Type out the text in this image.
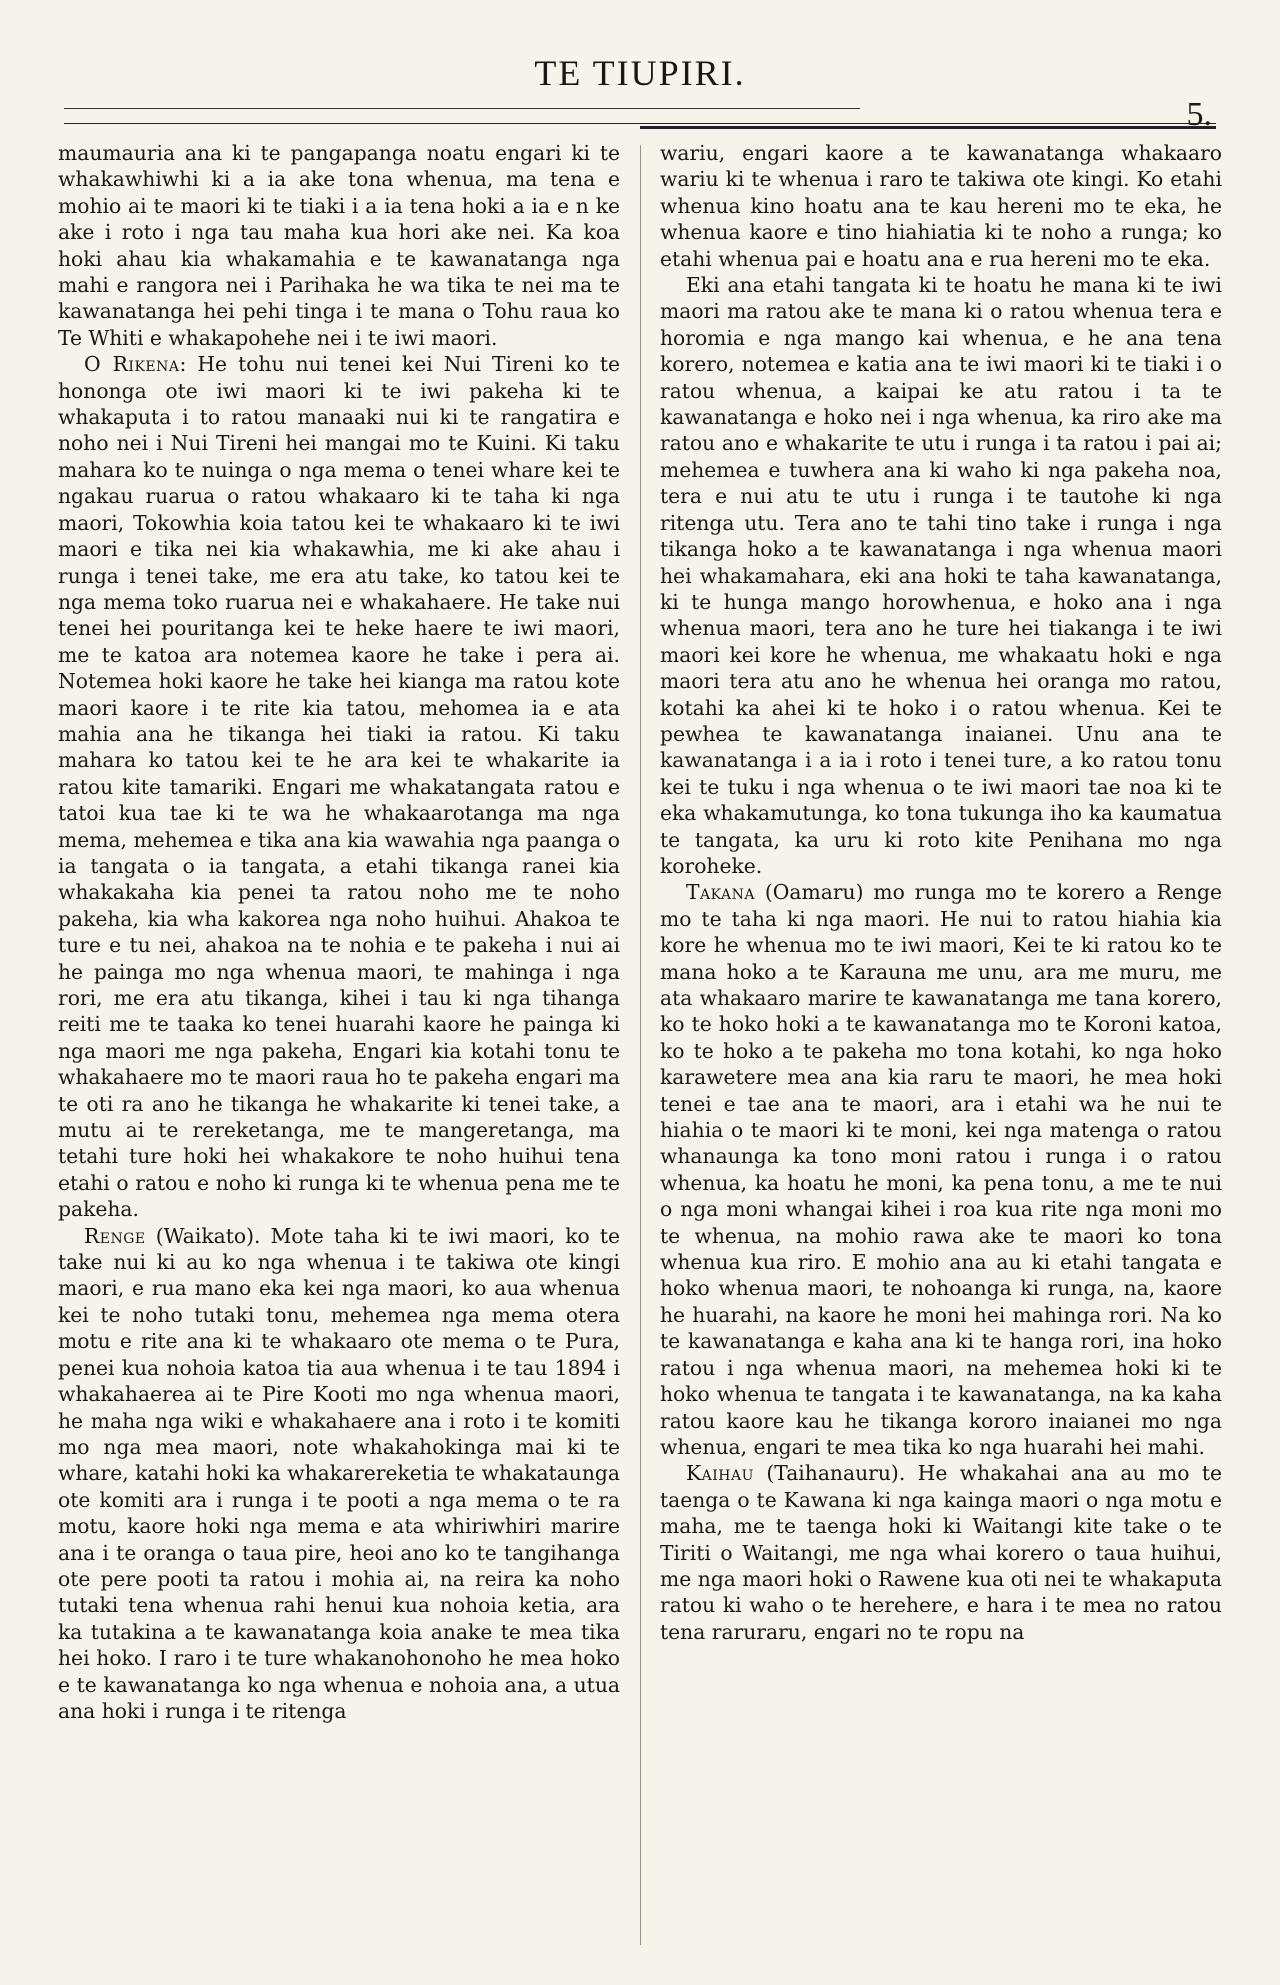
TE TIUPIRI.
5.

maumauria ana ki te pangapanga noatu engari ki te whakawhiwhi ki a ia ake tona whenua, ma tena e mohio ai te maori ki te tiaki i a ia tena hoki a ia e n ke ake i roto i nga tau maha kua hori ake nei. Ka koa hoki ahau kia whakamahia e te kawanatanga nga mahi e rangora nei i Parihaka he wa tika te nei ma te kawanatanga hei pehi tinga i te mana o Tohu raua ko Te Whiti e whakapohehe nei i te iwi maori.

O Rikena: He tohu nui tenei kei Nui Tireni ko te hononga ote iwi maori ki te iwi pakeha ki te whakaputa i to ratou manaaki nui ki te rangatira e noho nei i Nui Tireni hei mangai mo te Kuini. Ki taku mahara ko te nuinga o nga mema o tenei whare kei te ngakau ruarua o ratou whakaaro ki te taha ki nga maori, Tokowhia koia tatou kei te whakaaro ki te iwi maori e tika nei kia whakawhia, me ki ake ahau i runga i tenei take, me era atu take, ko tatou kei te nga mema toko ruarua nei e whakahaere. He take nui tenei hei pouritanga kei te heke haere te iwi maori, me te katoa ara notemea kaore he take i pera ai. Notemea hoki kaore he take hei kianga ma ratou kote maori kaore i te rite kia tatou, mehomea ia e ata mahia ana he tikanga hei tiaki ia ratou. Ki taku mahara ko tatou kei te he ara kei te whakarite ia ratou kite tamariki. Engari me whakatangata ratou e tatoi kua tae ki te wa he whakaarotanga ma nga mema, mehemea e tika ana kia wawahia nga paanga o ia tangata o ia tangata, a etahi tikanga ranei kia whakakaha kia penei ta ratou noho me te noho pakeha, kia wha kakorea nga noho huihui. Ahakoa te ture e tu nei, ahakoa na te nohia e te pakeha i nui ai he painga mo nga whenua maori, te mahinga i nga rori, me era atu tikanga, kihei i tau ki nga tihanga reiti me te taaka ko tenei huarahi kaore he painga ki nga maori me nga pakeha, Engari kia kotahi tonu te whakahaere mo te maori raua ho te pakeha engari ma te oti ra ano he tikanga he whakarite ki tenei take, a mutu ai te rereketanga, me te mangeretanga, ma tetahi ture hoki hei whakakore te noho huihui tena etahi o ratou e noho ki runga ki te whenua pena me te pakeha.

Renge (Waikato). Mote taha ki te iwi maori, ko te take nui ki au ko nga whenua i te takiwa ote kingi maori, e rua mano eka kei nga maori, ko aua whenua kei te noho tutaki tonu, mehemea nga mema otera motu e rite ana ki te whakaaro ote mema o te Pura, penei kua nohoia katoa tia aua whenua i te tau 1894 i whakahaerea ai te Pire Kooti mo nga whenua maori, he maha nga wiki e whakahaere ana i roto i te komiti mo nga mea maori, note whakahokinga mai ki te whare, katahi hoki ka whakarereketia te whakataunga ote komiti ara i runga i te pooti a nga mema o te ra motu, kaore hoki nga mema e ata whiriwhiri marire ana i te oranga o taua pire, heoi ano ko te tangihanga ote pere pooti ta ratou i mohia ai, na reira ka noho tutaki tena whenua rahi henui kua nohoia ketia, ara ka tutakina a te kawanatanga koia anake te mea tika hei hoko. I raro i te ture whakanohonoho he mea hoko e te kawanatanga ko nga whenua e nohoia ana, a utua ana hoki i runga i te ritenga

wariu, engari kaore a te kawanatanga whakaaro wariu ki te whenua i raro te takiwa ote kingi. Ko etahi whenua kino hoatu ana te kau hereni mo te eka, he whenua kaore e tino hiahiatia ki te noho a runga; ko etahi whenua pai e hoatu ana e rua hereni mo te eka.

Eki ana etahi tangata ki te hoatu he mana ki te iwi maori ma ratou ake te mana ki o ratou whenua tera e horomia e nga mango kai whenua, e he ana tena korero, notemea e katia ana te iwi maori ki te tiaki i o ratou whenua, a kaipai ke atu ratou i ta te kawanatanga e hoko nei i nga whenua, ka riro ake ma ratou ano e whakarite te utu i runga i ta ratou i pai ai; mehemea e tuwhera ana ki waho ki nga pakeha noa, tera e nui atu te utu i runga i te tautohe ki nga ritenga utu. Tera ano te tahi tino take i runga i nga tikanga hoko a te kawanatanga i nga whenua maori hei whakamahara, eki ana hoki te taha kawanatanga, ki te hunga mango horowhenua, e hoko ana i nga whenua maori, tera ano he ture hei tiakanga i te iwi maori kei kore he whenua, me whakaatu hoki e nga maori tera atu ano he whenua hei oranga mo ratou, kotahi ka ahei ki te hoko i o ratou whenua. Kei te pewhea te kawanatanga inaianei. Unu ana te kawanatanga i a ia i roto i tenei ture, a ko ratou tonu kei te tuku i nga whenua o te iwi maori tae noa ki te eka whakamutunga, ko tona tukunga iho ka kaumatua te tangata, ka uru ki roto kite Penihana mo nga koroheke.

Takana (Oamaru) mo runga mo te korero a Renge mo te taha ki nga maori. He nui to ratou hiahia kia kore he whenua mo te iwi maori, Kei te ki ratou ko te mana hoko a te Karauna me unu, ara me muru, me ata whakaaro marire te kawanatanga me tana korero, ko te hoko hoki a te kawanatanga mo te Koroni katoa, ko te hoko a te pakeha mo tona kotahi, ko nga hoko karawetere mea ana kia raru te maori, he mea hoki tenei e tae ana te maori, ara i etahi wa he nui te hiahia o te maori ki te moni, kei nga matenga o ratou whanaunga ka tono moni ratou i runga i o ratou whenua, ka hoatu he moni, ka pena tonu, a me te nui o nga moni whangai kihei i roa kua rite nga moni mo te whenua, na mohio rawa ake te maori ko tona whenua kua riro. E mohio ana au ki etahi tangata e hoko whenua maori, te nohoanga ki runga, na, kaore he huarahi, na kaore he moni hei mahinga rori. Na ko te kawanatanga e kaha ana ki te hanga rori, ina hoko ratou i nga whenua maori, na mehemea hoki ki te hoko whenua te tangata i te kawanatanga, na ka kaha ratou kaore kau he tikanga kororo inaianei mo nga whenua, engari te mea tika ko nga huarahi hei mahi.

Kaihau (Taihanauru). He whakahai ana au mo te taenga o te Kawana ki nga kainga maori o nga motu e maha, me te taenga hoki ki Waitangi kite take o te Tiriti o Waitangi, me nga whai korero o taua huihui, me nga maori hoki o Rawene kua oti nei te whakaputa ratou ki waho o te herehere, e hara i te mea no ratou tena raruraru, engari no te ropu na
